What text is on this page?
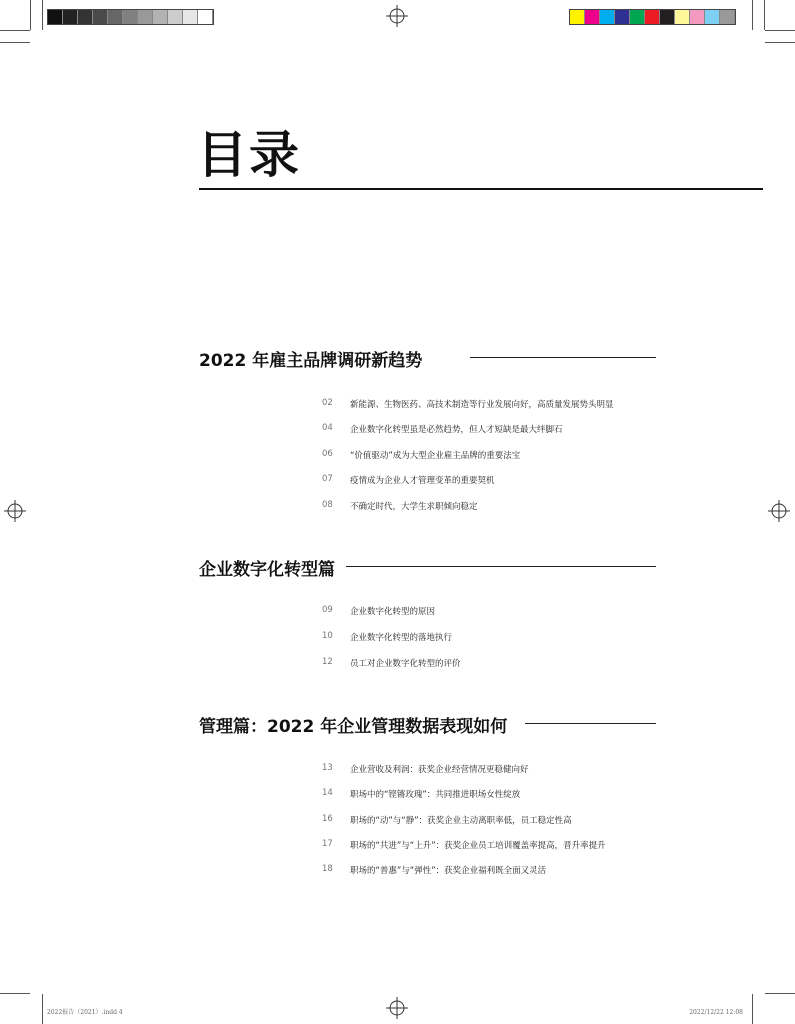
目录
2022 年雇主品牌调研新趋势
02	新能源、生物医药、高技术制造等行业发展向好，高质量发展势头明显
04	企业数字化转型虽是必然趋势，但人才短缺是最大绊脚石
06	“价值驱动”成为大型企业雇主品牌的重要法宝
07	疫情成为企业人才管理变革的重要契机
08	不确定时代，大学生求职倾向稳定
企业数字化转型篇
09	企业数字化转型的原因
10	企业数字化转型的落地执行
12	员工对企业数字化转型的评价
管理篇：2022 年企业管理数据表现如何
13	企业营收及利润：获奖企业经营情况更稳健向好
14	职场中的“铿锵玫瑰”：共同推进职场女性绽放
16	职场的“动”与“静”：获奖企业主动离职率低，员工稳定性高
17	职场的“共进”与“上升”：获奖企业员工培训覆盖率提高，晋升率提升
18	职场的“普惠”与“弹性”：获奖企业福利既全面又灵活
2022报告（2021）.indd 4	2022/12/22 12:08
